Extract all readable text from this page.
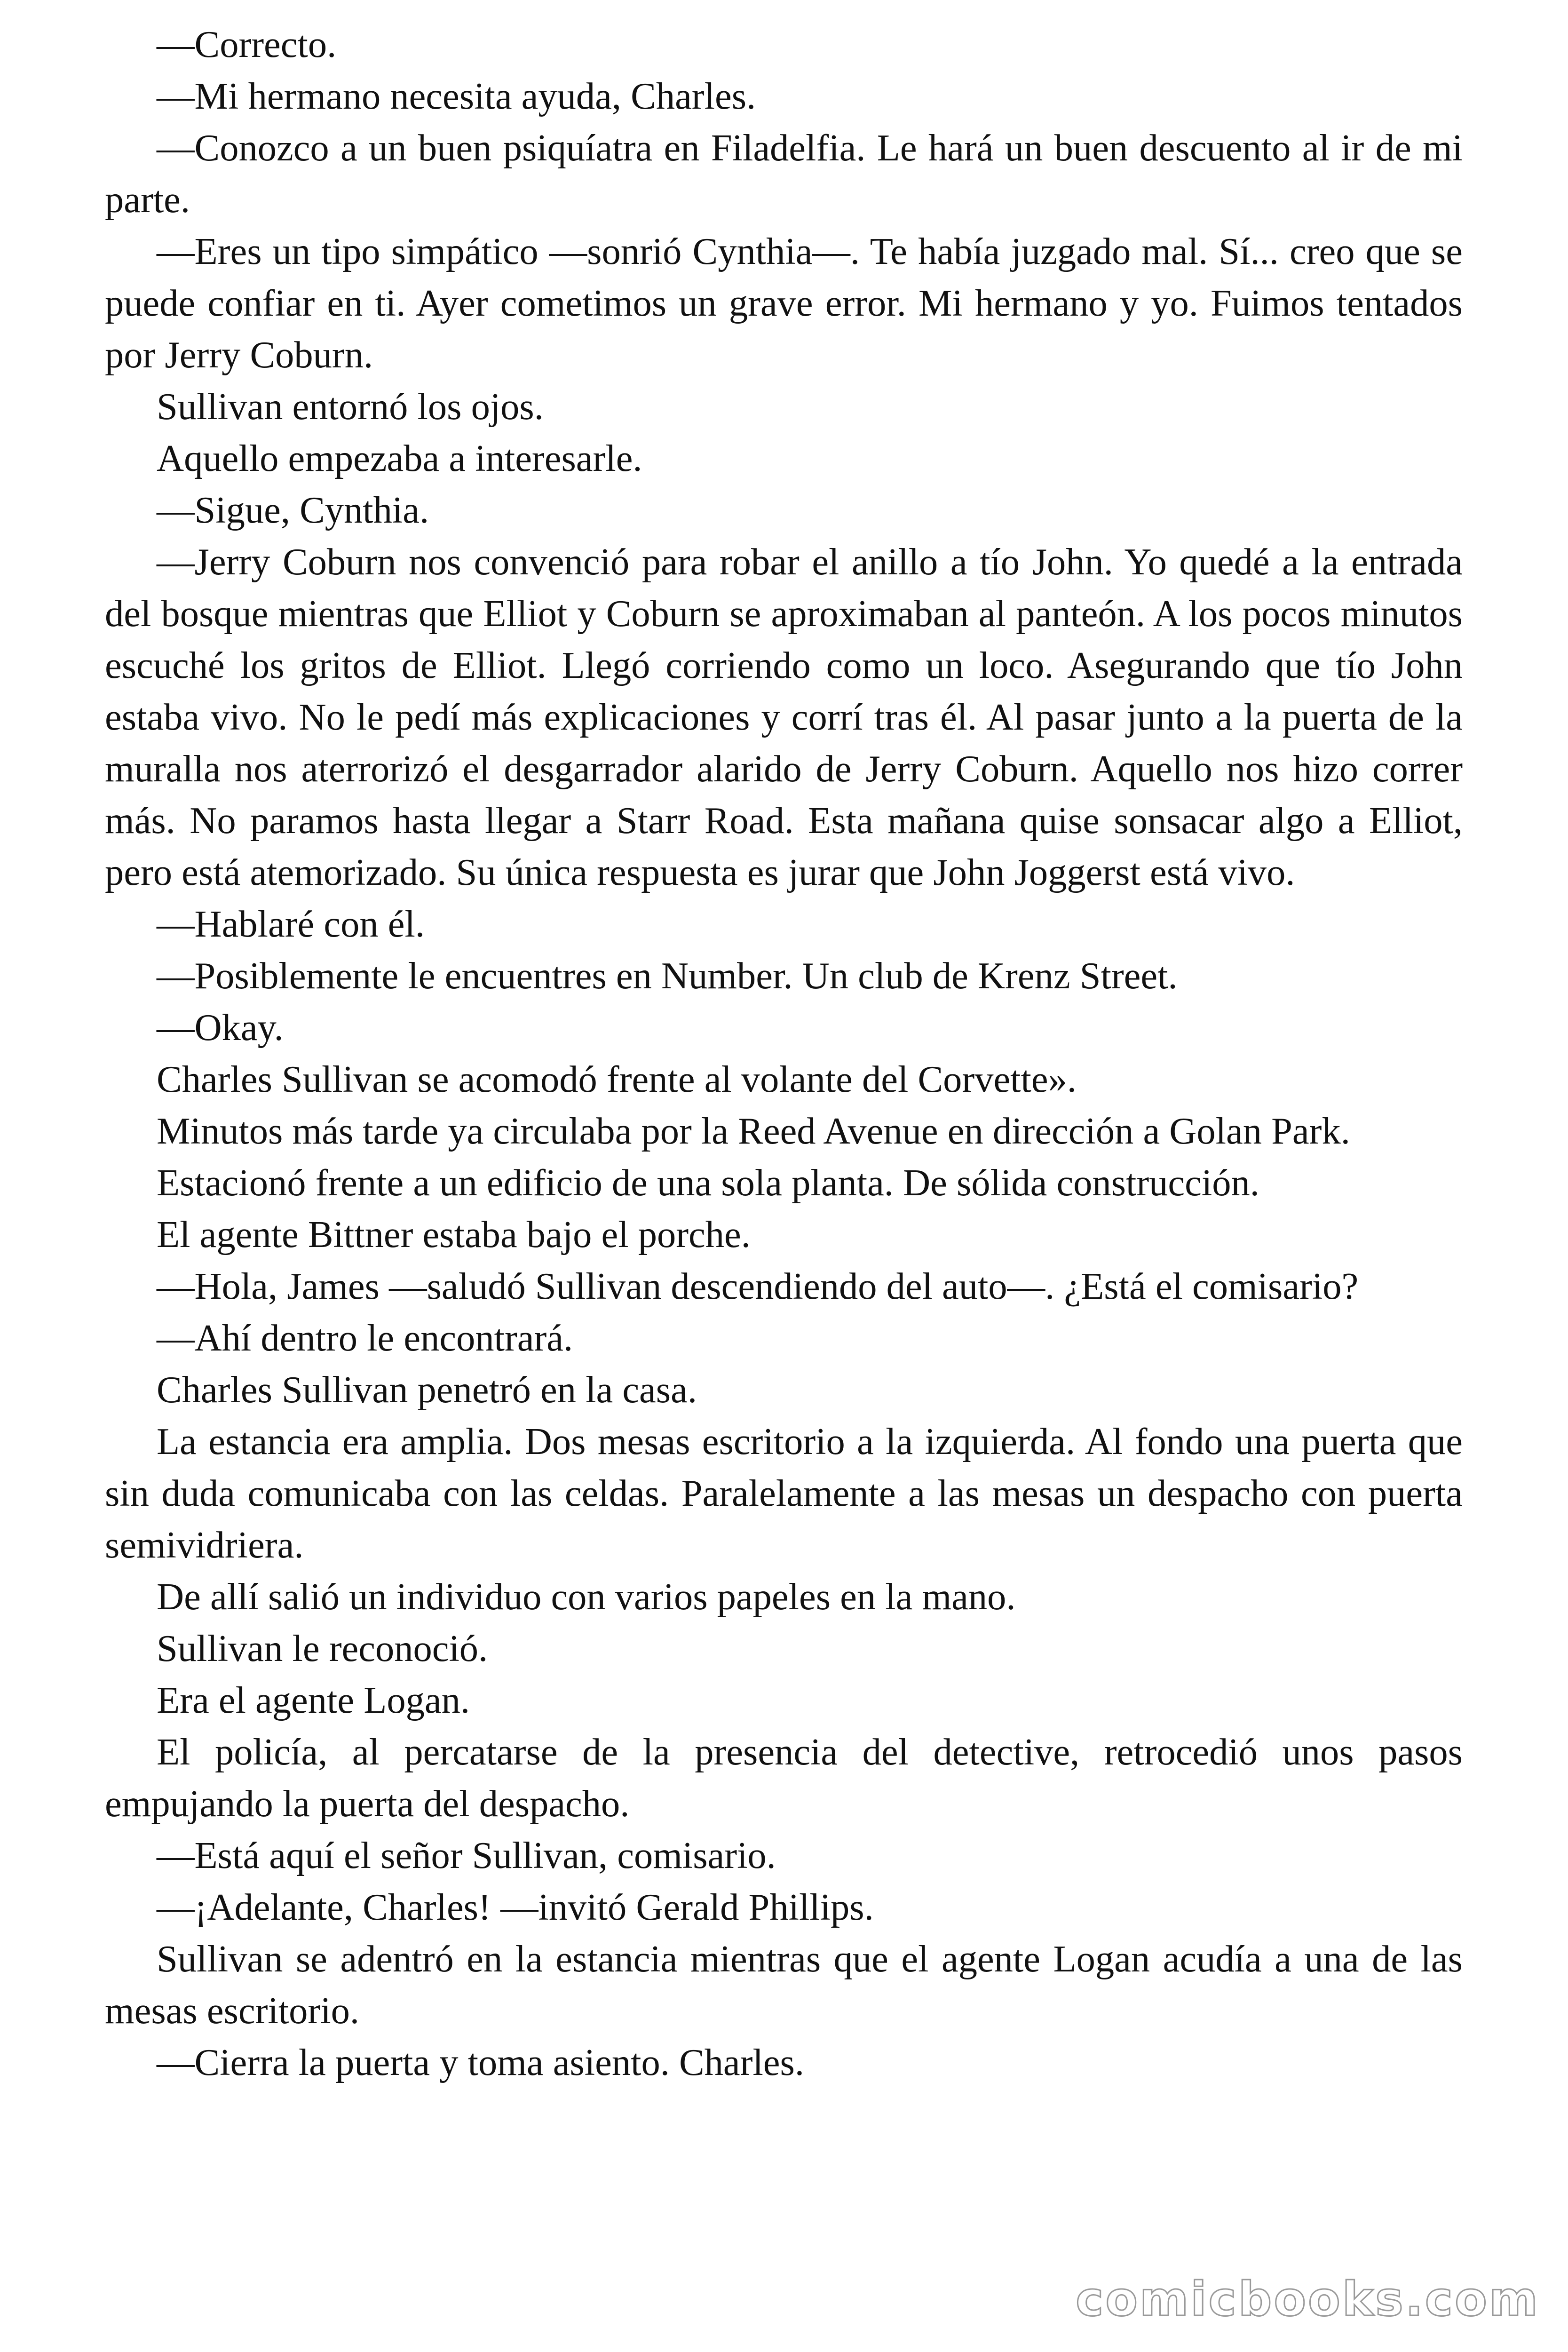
—Correcto.

—Mi hermano necesita ayuda, Charles.

—Conozco a un buen psiquíatra en Filadelfia. Le hará un buen descuento al ir de mi parte.

—Eres un tipo simpático —sonrió Cynthia—. Te había juzgado mal. Sí... creo que se puede confiar en ti. Ayer cometimos un grave error. Mi hermano y yo. Fuimos tentados por Jerry Coburn.

Sullivan entornó los ojos.

Aquello empezaba a interesarle.

—Sigue, Cynthia.

—Jerry Coburn nos convenció para robar el anillo a tío John. Yo quedé a la entrada del bosque mientras que Elliot y Coburn se aproximaban al panteón. A los pocos minutos escuché los gritos de Elliot. Llegó corriendo como un loco. Asegurando que tío John estaba vivo. No le pedí más explicaciones y corrí tras él. Al pasar junto a la puerta de la muralla nos aterrorizó el desgarrador alarido de Jerry Coburn. Aquello nos hizo correr más. No paramos hasta llegar a Starr Road. Esta mañana quise sonsacar algo a Elliot, pero está atemorizado. Su única respuesta es jurar que John Joggerst está vivo.

—Hablaré con él.

—Posiblemente le encuentres en Number. Un club de Krenz Street.

—Okay.

Charles Sullivan se acomodó frente al volante del Corvette».

Minutos más tarde ya circulaba por la Reed Avenue en dirección a Golan Park.

Estacionó frente a un edificio de una sola planta. De sólida construcción.

El agente Bittner estaba bajo el porche.

—Hola, James —saludó Sullivan descendiendo del auto—. ¿Está el comisario?

—Ahí dentro le encontrará.

Charles Sullivan penetró en la casa.

La estancia era amplia. Dos mesas escritorio a la izquierda. Al fondo una puerta que sin duda comunicaba con las celdas. Paralelamente a las mesas un despacho con puerta semividriera.

De allí salió un individuo con varios papeles en la mano.

Sullivan le reconoció.

Era el agente Logan.

El policía, al percatarse de la presencia del detective, retrocedió unos pasos empujando la puerta del despacho.

—Está aquí el señor Sullivan, comisario.

—¡Adelante, Charles! —invitó Gerald Phillips.

Sullivan se adentró en la estancia mientras que el agente Logan acudía a una de las mesas escritorio.

—Cierra la puerta y toma asiento. Charles.

comicbooks.com
